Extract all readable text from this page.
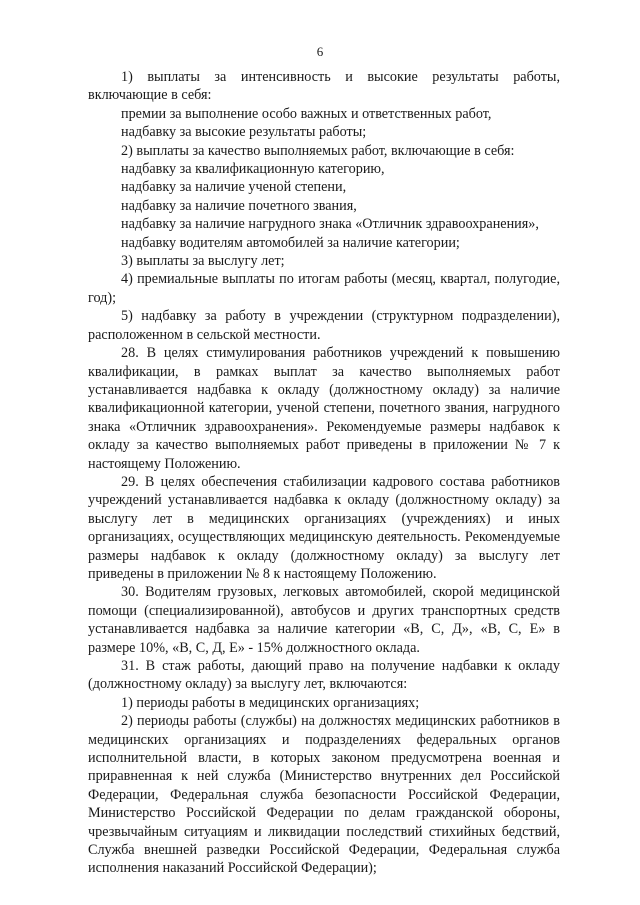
6

1) выплаты за интенсивность и высокие результаты работы, включающие в себя:

премии за выполнение особо важных и ответственных работ,

надбавку за высокие результаты работы;

2) выплаты за качество выполняемых работ, включающие в себя:

надбавку за квалификационную категорию,

надбавку за наличие ученой степени,

надбавку за наличие почетного звания,

надбавку за наличие нагрудного знака «Отличник здравоохранения»,

надбавку водителям автомобилей за наличие категории;

3) выплаты за выслугу лет;

4) премиальные выплаты по итогам работы (месяц, квартал, полугодие, год);

5) надбавку за работу в учреждении (структурном подразделении), расположенном в сельской местности.

28. В целях стимулирования работников учреждений к повышению квалификации, в рамках выплат за качество выполняемых работ устанавливается надбавка к окладу (должностному окладу) за наличие квалификационной категории, ученой степени, почетного звания, нагрудного знака «Отличник здравоохранения». Рекомендуемые размеры надбавок к окладу за качество выполняемых работ приведены в приложении № 7 к настоящему Положению.

29. В целях обеспечения стабилизации кадрового состава работников учреждений устанавливается надбавка к окладу (должностному окладу) за выслугу лет в медицинских организациях (учреждениях) и иных организациях, осуществляющих медицинскую деятельность. Рекомендуемые размеры надбавок к окладу (должностному окладу) за выслугу лет приведены в приложении № 8 к настоящему Положению.

30. Водителям грузовых, легковых автомобилей, скорой медицинской помощи (специализированной), автобусов и других транспортных средств устанавливается надбавка за наличие категории «В, С, Д», «В, С, Е» в размере 10%, «В, С, Д, Е» - 15% должностного оклада.

31. В стаж работы, дающий право на получение надбавки к окладу (должностному окладу) за выслугу лет, включаются:

1) периоды работы в медицинских организациях;

2) периоды работы (службы) на должностях медицинских работников в медицинских организациях и подразделениях федеральных органов исполнительной власти, в которых законом предусмотрена военная и приравненная к ней служба (Министерство внутренних дел Российской Федерации, Федеральная служба безопасности Российской Федерации, Министерство Российской Федерации по делам гражданской обороны, чрезвычайным ситуациям и ликвидации последствий стихийных бедствий, Служба внешней разведки Российской Федерации, Федеральная служба исполнения наказаний Российской Федерации);
